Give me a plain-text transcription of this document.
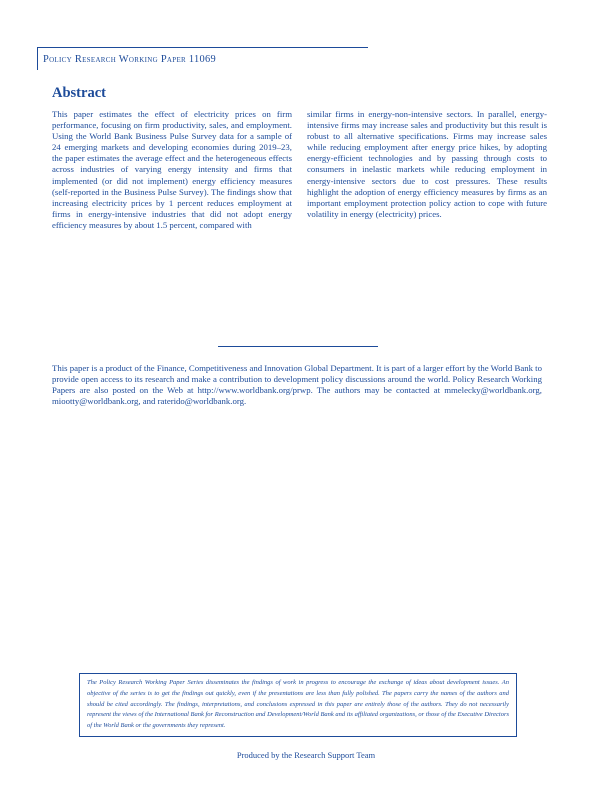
Policy Research Working Paper 11069
Abstract

This paper estimates the effect of electricity prices on firm performance, focusing on firm productivity, sales, and employment. Using the World Bank Business Pulse Survey data for a sample of 24 emerging markets and developing economies during 2019–23, the paper estimates the average effect and the heterogeneous effects across industries of varying energy intensity and firms that implemented (or did not implement) energy efficiency measures (self-reported in the Business Pulse Survey). The findings show that increasing electricity prices by 1 percent reduces employment at firms in energy-intensive industries that did not adopt energy efficiency measures by about 1.5 percent, compared with

similar firms in energy-non-intensive sectors. In parallel, energy-intensive firms may increase sales and productivity but this result is robust to all alternative specifications. Firms may increase sales while reducing employment after energy price hikes, by adopting energy-efficient technologies and by passing through costs to consumers in inelastic markets while reducing employment in energy-intensive sectors due to cost pressures. These results highlight the adoption of energy efficiency measures by firms as an important employment protection policy action to cope with future volatility in energy (electricity) prices.

This paper is a product of the Finance, Competitiveness and Innovation Global Department. It is part of a larger effort by the World Bank to provide open access to its research and make a contribution to development policy discussions around the world. Policy Research Working Papers are also posted on the Web at http://www.worldbank.org/prwp. The authors may be contacted at mmelecky@worldbank.org, miootty@worldbank.org, and raterido@worldbank.org.

The Policy Research Working Paper Series disseminates the findings of work in progress to encourage the exchange of ideas about development issues. An objective of the series is to get the findings out quickly, even if the presentations are less than fully polished. The papers carry the names of the authors and should be cited accordingly. The findings, interpretations, and conclusions expressed in this paper are entirely those of the authors. They do not necessarily represent the views of the International Bank for Reconstruction and Development/World Bank and its affiliated organizations, or those of the Executive Directors of the World Bank or the governments they represent.

Produced by the Research Support Team
